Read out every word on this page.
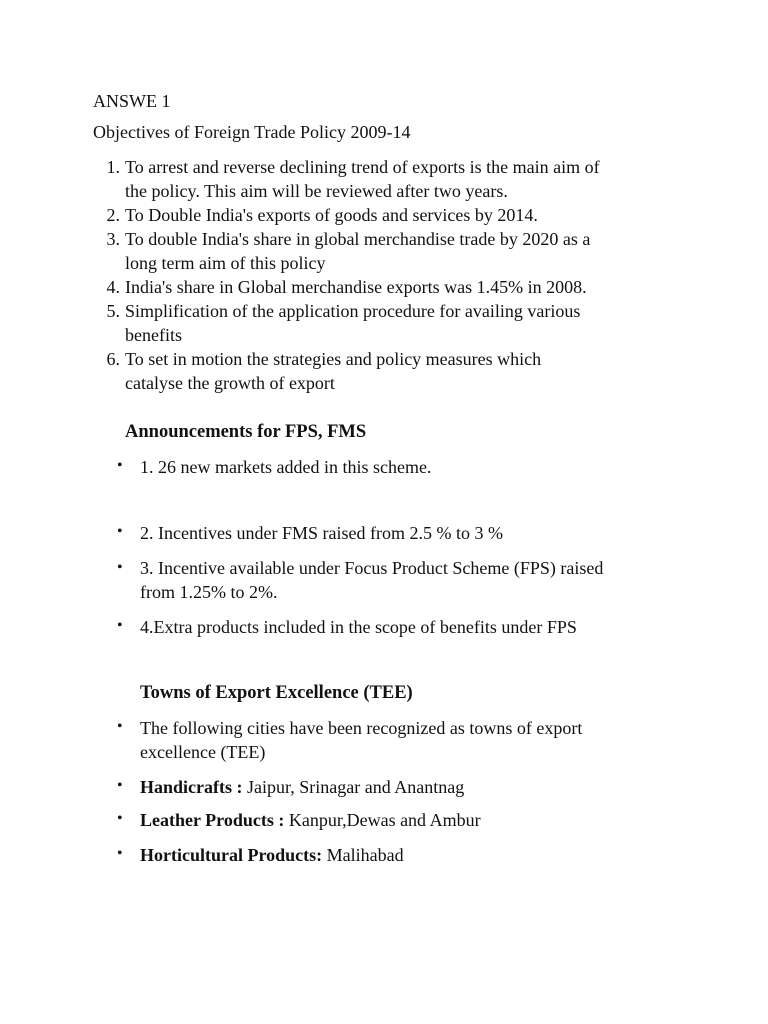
ANSWE 1
Objectives of Foreign Trade Policy 2009-14
1. To arrest and reverse declining trend of exports is the main aim of
the policy. This aim will be reviewed after two years.
2. To Double India's exports of goods and services by 2014.
3. To double India's share in global merchandise trade by 2020 as a
long term aim of this policy
4. India's share in Global merchandise exports was 1.45% in 2008.
5. Simplification of the application procedure for availing various
benefits
6. To set in motion the strategies and policy measures which
catalyse the growth of export
Announcements for FPS, FMS
• 1. 26 new markets added in this scheme.
• 2. Incentives under FMS raised from 2.5 % to 3 %
• 3. Incentive available under Focus Product Scheme (FPS) raised
from 1.25% to 2%.
• 4.Extra products included in the scope of benefits under FPS
Towns of Export Excellence (TEE)
• The following cities have been recognized as towns of export
excellence (TEE)
• Handicrafts : Jaipur, Srinagar and Anantnag
• Leather Products : Kanpur,Dewas and Ambur
• Horticultural Products: Malihabad
